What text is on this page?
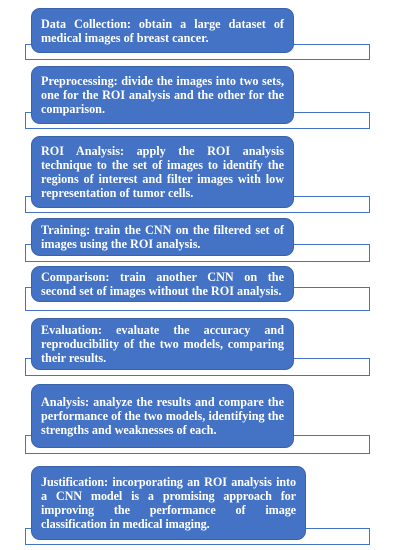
Data Collection: obtain a large dataset of medical images of breast cancer.
Preprocessing: divide the images into two sets, one for the ROI analysis and the other for the comparison.
ROI Analysis: apply the ROI analysis technique to the set of images to identify the regions of interest and filter images with low representation of tumor cells.
Training: train the CNN on the filtered set of images using the ROI analysis.
Comparison: train another CNN on the second set of images without the ROI analysis.
Evaluation: evaluate the accuracy and reproducibility of the two models, comparing their results.
Analysis: analyze the results and compare the performance of the two models, identifying the strengths and weaknesses of each.
Justification: incorporating an ROI analysis into a CNN model is a promising approach for improving the performance of image classification in medical imaging.
